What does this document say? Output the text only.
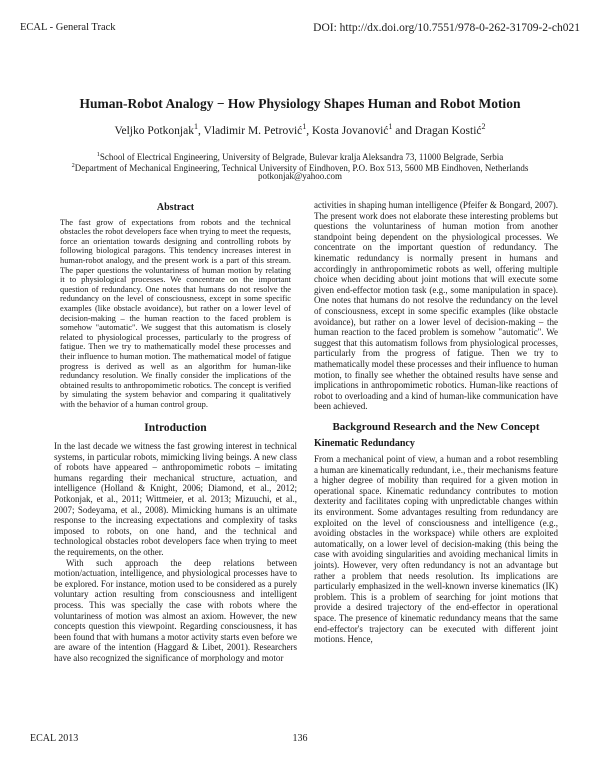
ECAL - General Track	DOI: http://dx.doi.org/10.7551/978-0-262-31709-2-ch021
Human-Robot Analogy − How Physiology Shapes Human and Robot Motion
Veljko Potkonjak$^1$, Vladimir M. Petrović$^1$, Kosta Jovanović$^1$ and Dragan Kostić$^2$
$^1$School of Electrical Engineering, University of Belgrade, Bulevar kralja Aleksandra 73, 11000 Belgrade, Serbia
$^2$Department of Mechanical Engineering, Technical University of Eindhoven, P.O. Box 513, 5600 MB Eindhoven, Netherlands
potkonjak@yahoo.com
Abstract

The fast grow of expectations from robots and the technical obstacles the robot developers face when trying to meet the requests, force an orientation towards designing and controlling robots by following biological paragons. This tendency increases interest in human-robot analogy, and the present work is a part of this stream. The paper questions the voluntariness of human motion by relating it to physiological processes. We concentrate on the important question of redundancy. One notes that humans do not resolve the redundancy on the level of consciousness, except in some specific examples (like obstacle avoidance), but rather on a lower level of decision-making – the human reaction to the faced problem is somehow "automatic". We suggest that this automatism is closely related to physiological processes, particularly to the progress of fatigue. Then we try to mathematically model these processes and their influence to human motion. The mathematical model of fatigue progress is derived as well as an algorithm for human-like redundancy resolution. We finally consider the implications of the obtained results to anthropomimetic robotics. The concept is verified by simulating the system behavior and comparing it qualitatively with the behavior of a human control group.

Introduction

In the last decade we witness the fast growing interest in technical systems, in particular robots, mimicking living beings. A new class of robots have appeared – anthropomimetic robots – imitating humans regarding their mechanical structure, actuation, and intelligence (Holland & Knight, 2006; Diamond, et al., 2012; Potkonjak, et al., 2011; Wittmeier, et al. 2013; Mizuuchi, et al., 2007; Sodeyama, et al., 2008). Mimicking humans is an ultimate response to the increasing expectations and complexity of tasks imposed to robots, on one hand, and the technical and technological obstacles robot developers face when trying to meet the requirements, on the other.

With such approach the deep relations between motion/actuation, intelligence, and physiological processes have to be explored. For instance, motion used to be considered as a purely voluntary action resulting from consciousness and intelligent process. This was specially the case with robots where the voluntariness of motion was almost an axiom. However, the new concepts question this viewpoint. Regarding consciousness, it has been found that with humans a motor activity starts even before we are aware of the intention (Haggard & Libet, 2001). Researchers have also recognized the significance of morphology and motor

activities in shaping human intelligence (Pfeifer & Bongard, 2007). The present work does not elaborate these interesting problems but questions the voluntariness of human motion from another standpoint being dependent on the physiological processes. We concentrate on the important question of redundancy. The kinematic redundancy is normally present in humans and accordingly in anthropomimetic robots as well, offering multiple choice when deciding about joint motions that will execute some given end-effector motion task (e.g., some manipulation in space). One notes that humans do not resolve the redundancy on the level of consciousness, except in some specific examples (like obstacle avoidance), but rather on a lower level of decision-making – the human reaction to the faced problem is somehow "automatic". We suggest that this automatism follows from physiological processes, particularly from the progress of fatigue. Then we try to mathematically model these processes and their influence to human motion, to finally see whether the obtained results have sense and implications in anthropomimetic robotics. Human-like reactions of robot to overloading and a kind of human-like communication have been achieved.

Background Research and the New Concept
Kinematic Redundancy

From a mechanical point of view, a human and a robot resembling a human are kinematically redundant, i.e., their mechanisms feature a higher degree of mobility than required for a given motion in operational space. Kinematic redundancy contributes to motion dexterity and facilitates coping with unpredictable changes within its environment. Some advantages resulting from redundancy are exploited on the level of consciousness and intelligence (e.g., avoiding obstacles in the workspace) while others are exploited automatically, on a lower level of decision-making (this being the case with avoiding singularities and avoiding mechanical limits in joints). However, very often redundancy is not an advantage but rather a problem that needs resolution. Its implications are particularly emphasized in the well-known inverse kinematics (IK) problem. This is a problem of searching for joint motions that provide a desired trajectory of the end-effector in operational space. The presence of kinematic redundancy means that the same end-effector's trajectory can be executed with different joint motions. Hence,

ECAL 2013	136
